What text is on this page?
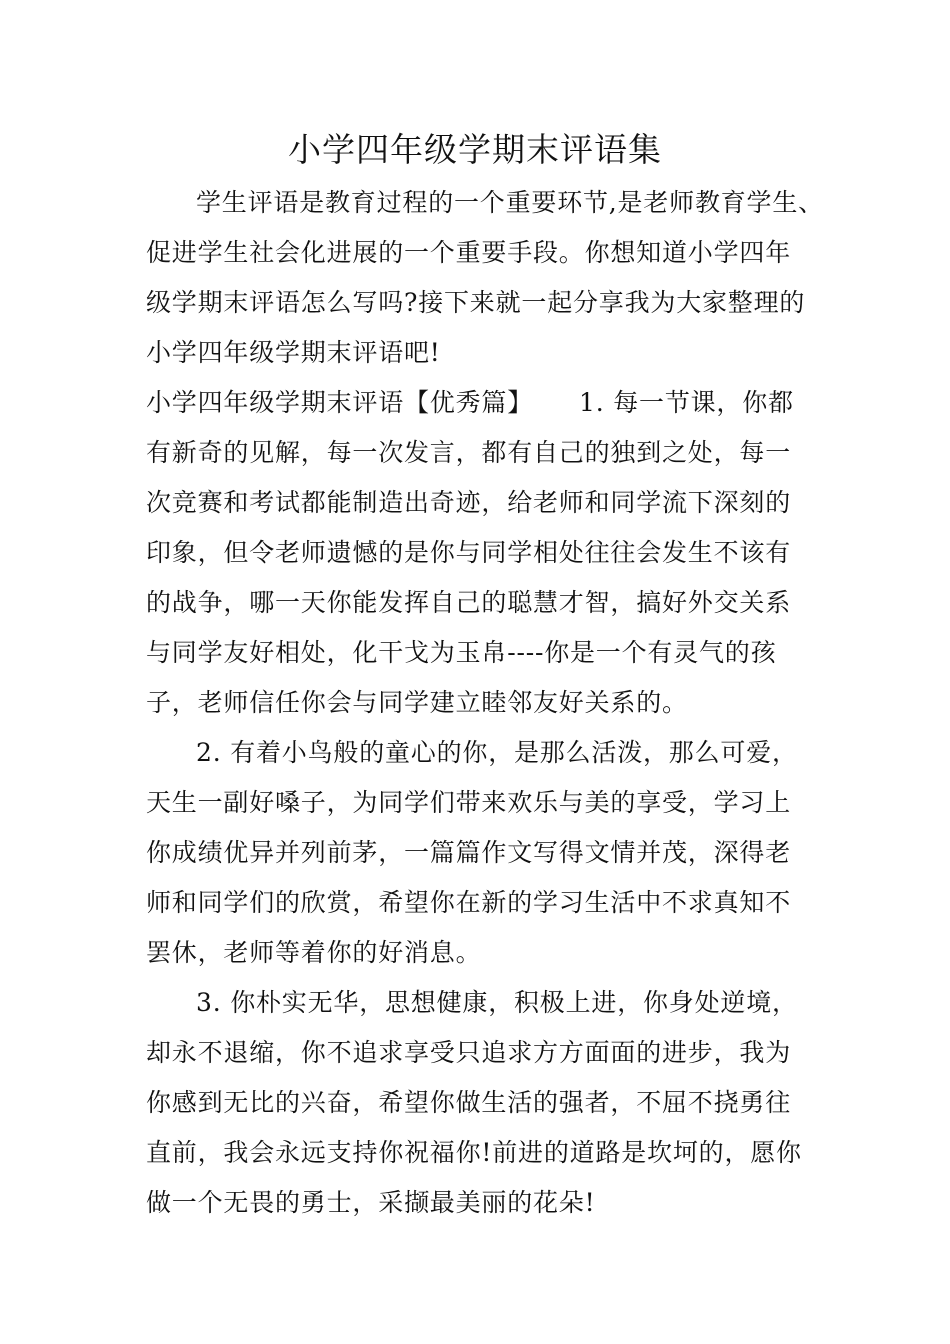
小学四年级学期末评语集
学生评语是教育过程的一个重要环节,是老师教育学生、
促进学生社会化进展的一个重要手段。你想知道小学四年
级学期末评语怎么写吗?接下来就一起分享我为大家整理的
小学四年级学期末评语吧!
小学四年级学期末评语【优秀篇】 1. 每一节课，你都
有新奇的见解，每一次发言，都有自己的独到之处，每一
次竞赛和考试都能制造出奇迹，给老师和同学流下深刻的
印象，但令老师遗憾的是你与同学相处往往会发生不该有
的战争，哪一天你能发挥自己的聪慧才智，搞好外交关系
与同学友好相处，化干戈为玉帛----你是一个有灵气的孩
子，老师信任你会与同学建立睦邻友好关系的。
2. 有着小鸟般的童心的你，是那么活泼，那么可爱，
天生一副好嗓子，为同学们带来欢乐与美的享受，学习上
你成绩优异并列前茅，一篇篇作文写得文情并茂，深得老
师和同学们的欣赏，希望你在新的学习生活中不求真知不
罢休，老师等着你的好消息。
3. 你朴实无华，思想健康，积极上进，你身处逆境，
却永不退缩，你不追求享受只追求方方面面的进步，我为
你感到无比的兴奋，希望你做生活的强者，不屈不挠勇往
直前，我会永远支持你祝福你!前进的道路是坎坷的，愿你
做一个无畏的勇士，采撷最美丽的花朵!
